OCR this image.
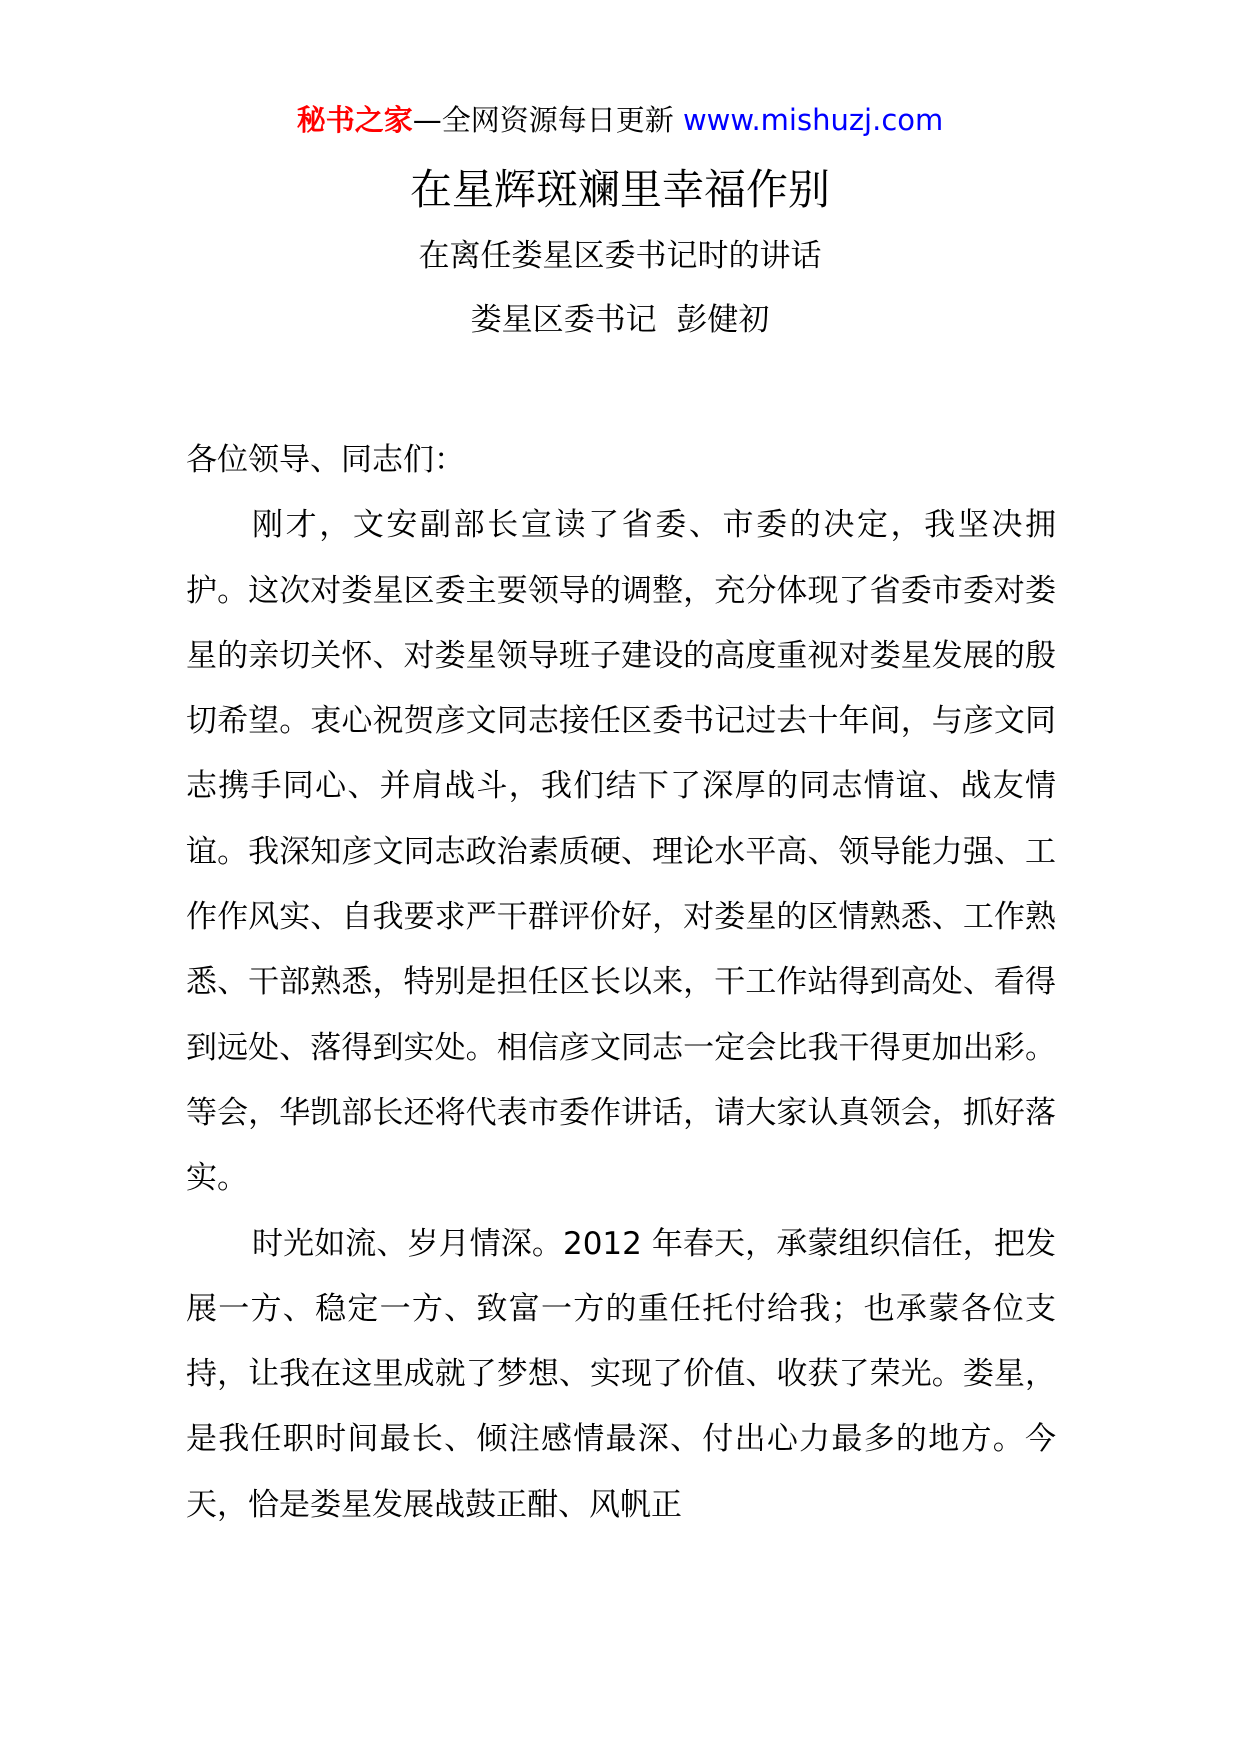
秘书之家—全网资源每日更新 www.mishuzj.com
在星辉斑斓里幸福作别
在离任娄星区委书记时的讲话
娄星区委书记  彭健初

各位领导、同志们：

刚才，文安副部长宣读了省委、市委的决定，我坚决拥护。这次对娄星区委主要领导的调整，充分体现了省委市委对娄星的亲切关怀、对娄星领导班子建设的高度重视对娄星发展的殷切希望。衷心祝贺彦文同志接任区委书记过去十年间，与彦文同志携手同心、并肩战斗，我们结下了深厚的同志情谊、战友情谊。我深知彦文同志政治素质硬、理论水平高、领导能力强、工作作风实、自我要求严干群评价好，对娄星的区情熟悉、工作熟悉、干部熟悉，特别是担任区长以来，干工作站得到高处、看得到远处、落得到实处。相信彦文同志一定会比我干得更加出彩。等会，华凯部长还将代表市委作讲话，请大家认真领会，抓好落实。

时光如流、岁月情深。2012 年春天，承蒙组织信任，把发展一方、稳定一方、致富一方的重任托付给我；也承蒙各位支持，让我在这里成就了梦想、实现了价值、收获了荣光。娄星，是我任职时间最长、倾注感情最深、付出心力最多的地方。今天，恰是娄星发展战鼓正酣、风帆正
